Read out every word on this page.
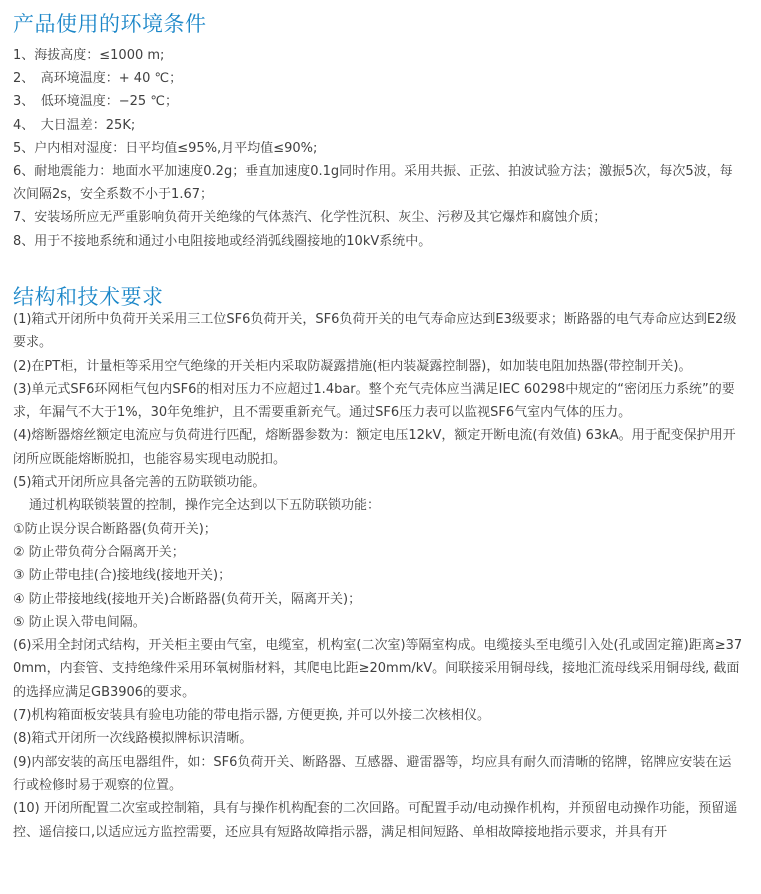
产品使用的环境条件

1、海拔高度：≤1000 m;

2、　高环境温度：+ 40 ℃；

3、　低环境温度：−25 ℃；

4、　大日温差：25K;

5、户内相对湿度：日平均值≤95%,月平均值≤90%;

6、耐地震能力：地面水平加速度0.2g；垂直加速度0.1g同时作用。采用共振、正弦、拍波试验方法；激振5次，每次5波，每次间隔2s，安全系数不小于1.67；

7、安装场所应无严重影响负荷开关绝缘的气体蒸汽、化学性沉积、灰尘、污秽及其它爆炸和腐蚀介质；

8、用于不接地系统和通过小电阻接地或经消弧线圈接地的10kV系统中。

结构和技术要求

(1)箱式开闭所中负荷开关采用三工位SF6负荷开关，SF6负荷开关的电气寿命应达到E3级要求；断路器的电气寿命应达到E2级要求。

(2)在PT柜，计量柜等采用空气绝缘的开关柜内采取防凝露措施(柜内装凝露控制器)，如加装电阻加热器(带控制开关)。

(3)单元式SF6环网柜气包内SF6的相对压力不应超过1.4bar。整个充气壳体应当满足IEC 60298中规定的“密闭压力系统”的要求，年漏气不大于1%，30年免维护，且不需要重新充气。通过SF6压力表可以监视SF6气室内气体的压力。

(4)熔断器熔丝额定电流应与负荷进行匹配，熔断器参数为：额定电压12kV，额定开断电流(有效值) 63kA。用于配变保护用开闭所应既能熔断脱扣，也能容易实现电动脱扣。

(5)箱式开闭所应具备完善的五防联锁功能。

通过机构联锁装置的控制，操作完全达到以下五防联锁功能：

①防止误分误合断路器(负荷开关)；

② 防止带负荷分合隔离开关；

③ 防止带电挂(合)接地线(接地开关)；

④ 防止带接地线(接地开关)合断路器(负荷开关，隔离开关)；

⑤ 防止误入带电间隔。

(6)采用全封闭式结构，开关柜主要由气室，电缆室，机构室(二次室)等隔室构成。电缆接头至电缆引入处(孔或固定箍)距离≥370mm，内套管、支持绝缘件采用环氧树脂材料，其爬电比距≥20mm/kV。间联接采用铜母线，接地汇流母线采用铜母线, 截面的选择应满足GB3906的要求。

(7)机构箱面板安装具有验电功能的带电指示器, 方便更换, 并可以外接二次核相仪。

(8)箱式开闭所一次线路模拟牌标识清晰。

(9)内部安装的高压电器组件，如：SF6负荷开关、断路器、互感器、避雷器等，均应具有耐久而清晰的铭牌，铭牌应安装在运行或检修时易于观察的位置。

(10) 开闭所配置二次室或控制箱，具有与操作机构配套的二次回路。可配置手动/电动操作机构，并预留电动操作功能，预留遥控、遥信接口,以适应远方监控需要，还应具有短路故障指示器，满足相间短路、单相故障接地指示要求，并具有开
